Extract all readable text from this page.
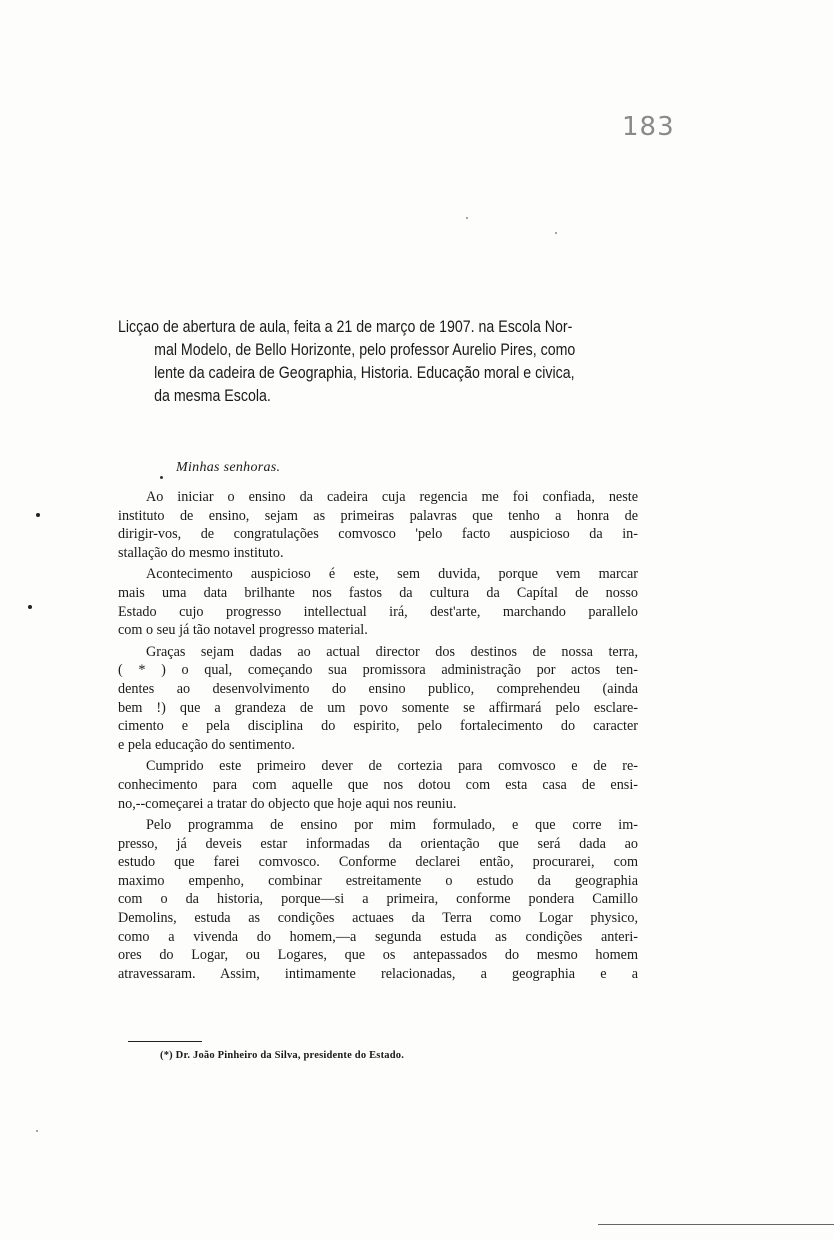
183
Licçao de abertura de aula, feita a 21 de março de 1907. na Escola Nor-
mal Modelo, de Bello Horizonte, pelo professor Aurelio Pires, como
lente da cadeira de Geographia, Historia. Educação moral e civica,
da mesma Escola.
Minhas senhoras.

Ao iniciar o ensino da cadeira cuja regencia me foi confiada, neste
instituto de ensino, sejam as primeiras palavras que tenho a honra de
dirigir-vos, de congratulações comvosco 'pelo facto auspicioso da in-
stallação do mesmo instituto.

Acontecimento auspicioso é este, sem duvida, porque vem marcar
mais uma data brilhante nos fastos da cultura da Capítal de nosso
Estado cujo progresso intellectual irá, dest'arte, marchando parallelo
com o seu já tão notavel progresso material.

Graças sejam dadas ao actual director dos destinos de nossa terra,
( * ) o qual, começando sua promissora administração por actos ten-
dentes ao desenvolvimento do ensino publico, comprehendeu (ainda
bem !) que a grandeza de um povo somente se affirmará pelo esclare-
cimento e pela disciplina do espirito, pelo fortalecimento do caracter
e pela educação do sentimento.

Cumprido este primeiro dever de cortezia para comvosco e de re-
conhecimento para com aquelle que nos dotou com esta casa de ensi-
no,--começarei a tratar do objecto que hoje aqui nos reuniu.

Pelo programma de ensino por mim formulado, e que corre im-
presso, já deveis estar informadas da orientação que será dada ao
estudo que farei comvosco. Conforme declarei então, procurarei, com
maximo empenho, combinar estreitamente o estudo da geographia
com o da historia, porque—si a primeira, conforme pondera Camillo
Demolins, estuda as condições actuaes da Terra como Logar physico,
como a vivenda do homem,—a segunda estuda as condições anteri-
ores do Logar, ou Logares, que os antepassados do mesmo homem
atravessaram. Assim, intimamente relacionadas, a geographia e a

(*) Dr. João Pinheiro da Silva, presidente do Estado.
